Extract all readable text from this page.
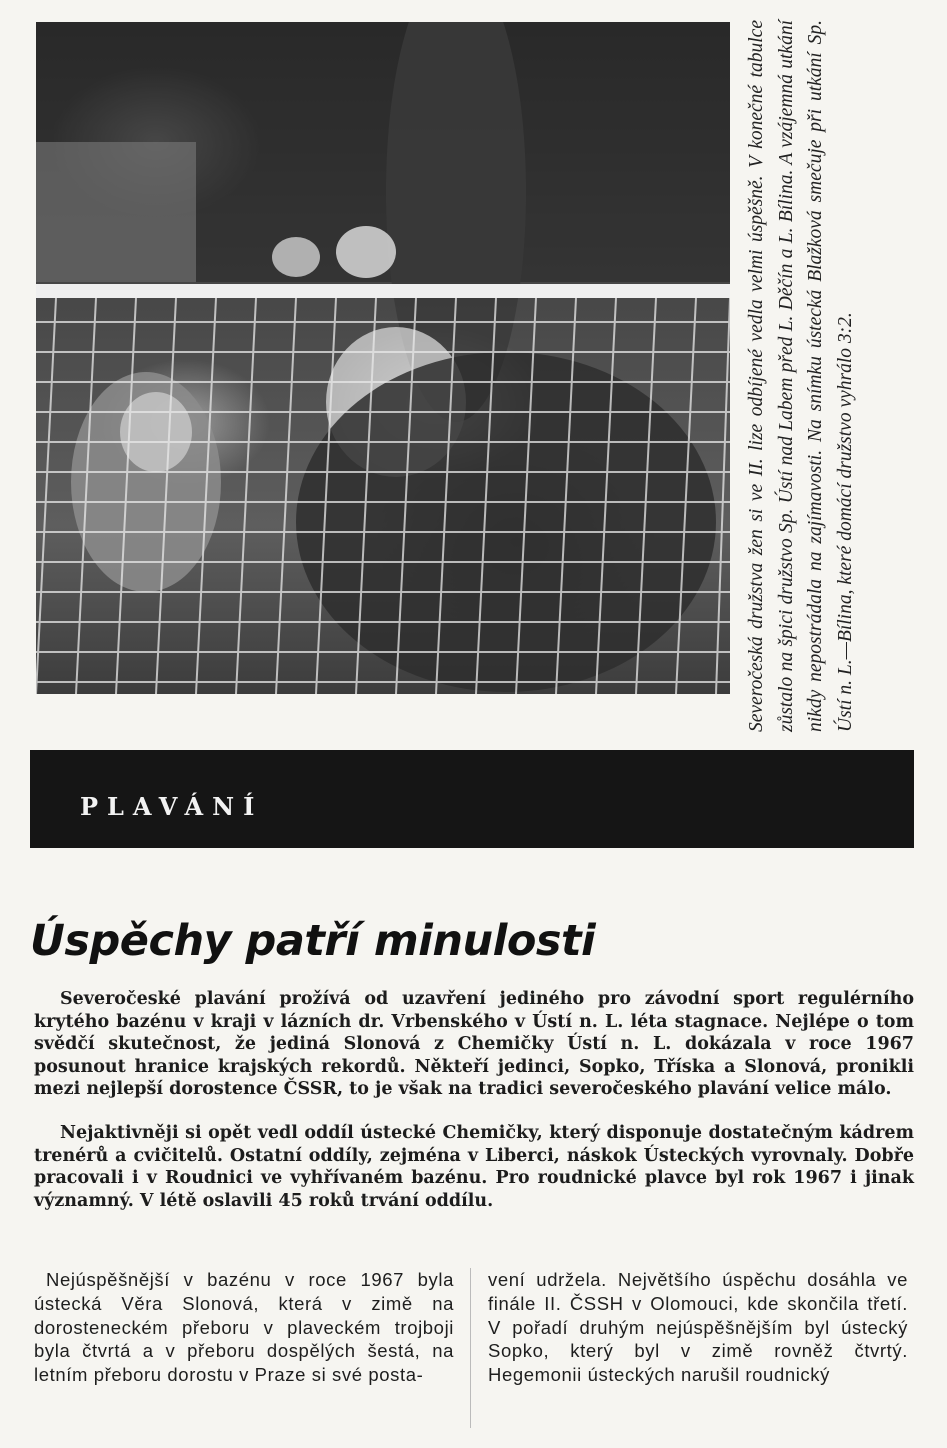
Severočeská družstva žen si ve II. lize odbíjené vedla velmi úspěšně. V konečné tabulce zůstalo na špici družstvo Sp. Ústí nad Labem před L. Děčín a L. Bílina. A vzájemná utkání nikdy nepostrádala na zajímavosti. Na snímku ústecká Blažková smečuje při utkání Sp. Ústí n. L.—Bílina, které domácí družstvo vyhrálo 3:2.
PLAVÁNÍ
Úspěchy patří minulosti

Severočeské plavání prožívá od uzavření jediného pro závodní sport regulérního krytého bazénu v kraji v lázních dr. Vrbenského v Ústí n. L. léta stagnace. Nejlépe o tom svědčí skutečnost, že jediná Slonová z Chemičky Ústí n. L. dokázala v roce 1967 posunout hranice krajských rekordů. Někteří jedinci, Sopko, Tříska a Slonová, pronikli mezi nejlepší dorostence ČSSR, to je však na tradici severočeského plavání velice málo.

Nejaktivněji si opět vedl oddíl ústecké Chemičky, který disponuje dostatečným kádrem trenérů a cvičitelů. Ostatní oddíly, zejména v Liberci, náskok Ústeckých vyrovnaly. Dobře pracovali i v Roudnici ve vyhřívaném bazénu. Pro roudnické plavce byl rok 1967 i jinak významný. V létě oslavili 45 roků trvání oddílu.

Nejúspěšnější v bazénu v roce 1967 byla ústecká Věra Slonová, která v zimě na dorosteneckém přeboru v plaveckém trojboji byla čtvrtá a v přeboru dospělých šestá, na letním přeboru dorostu v Praze si své posta-

vení udržela. Největšího úspěchu dosáhla ve finále II. ČSSH v Olomouci, kde skončila třetí. V pořadí druhým nejúspěšnějším byl ústecký Sopko, který byl v zimě rovněž čtvrtý. Hegemonii ústeckých narušil roudnický
